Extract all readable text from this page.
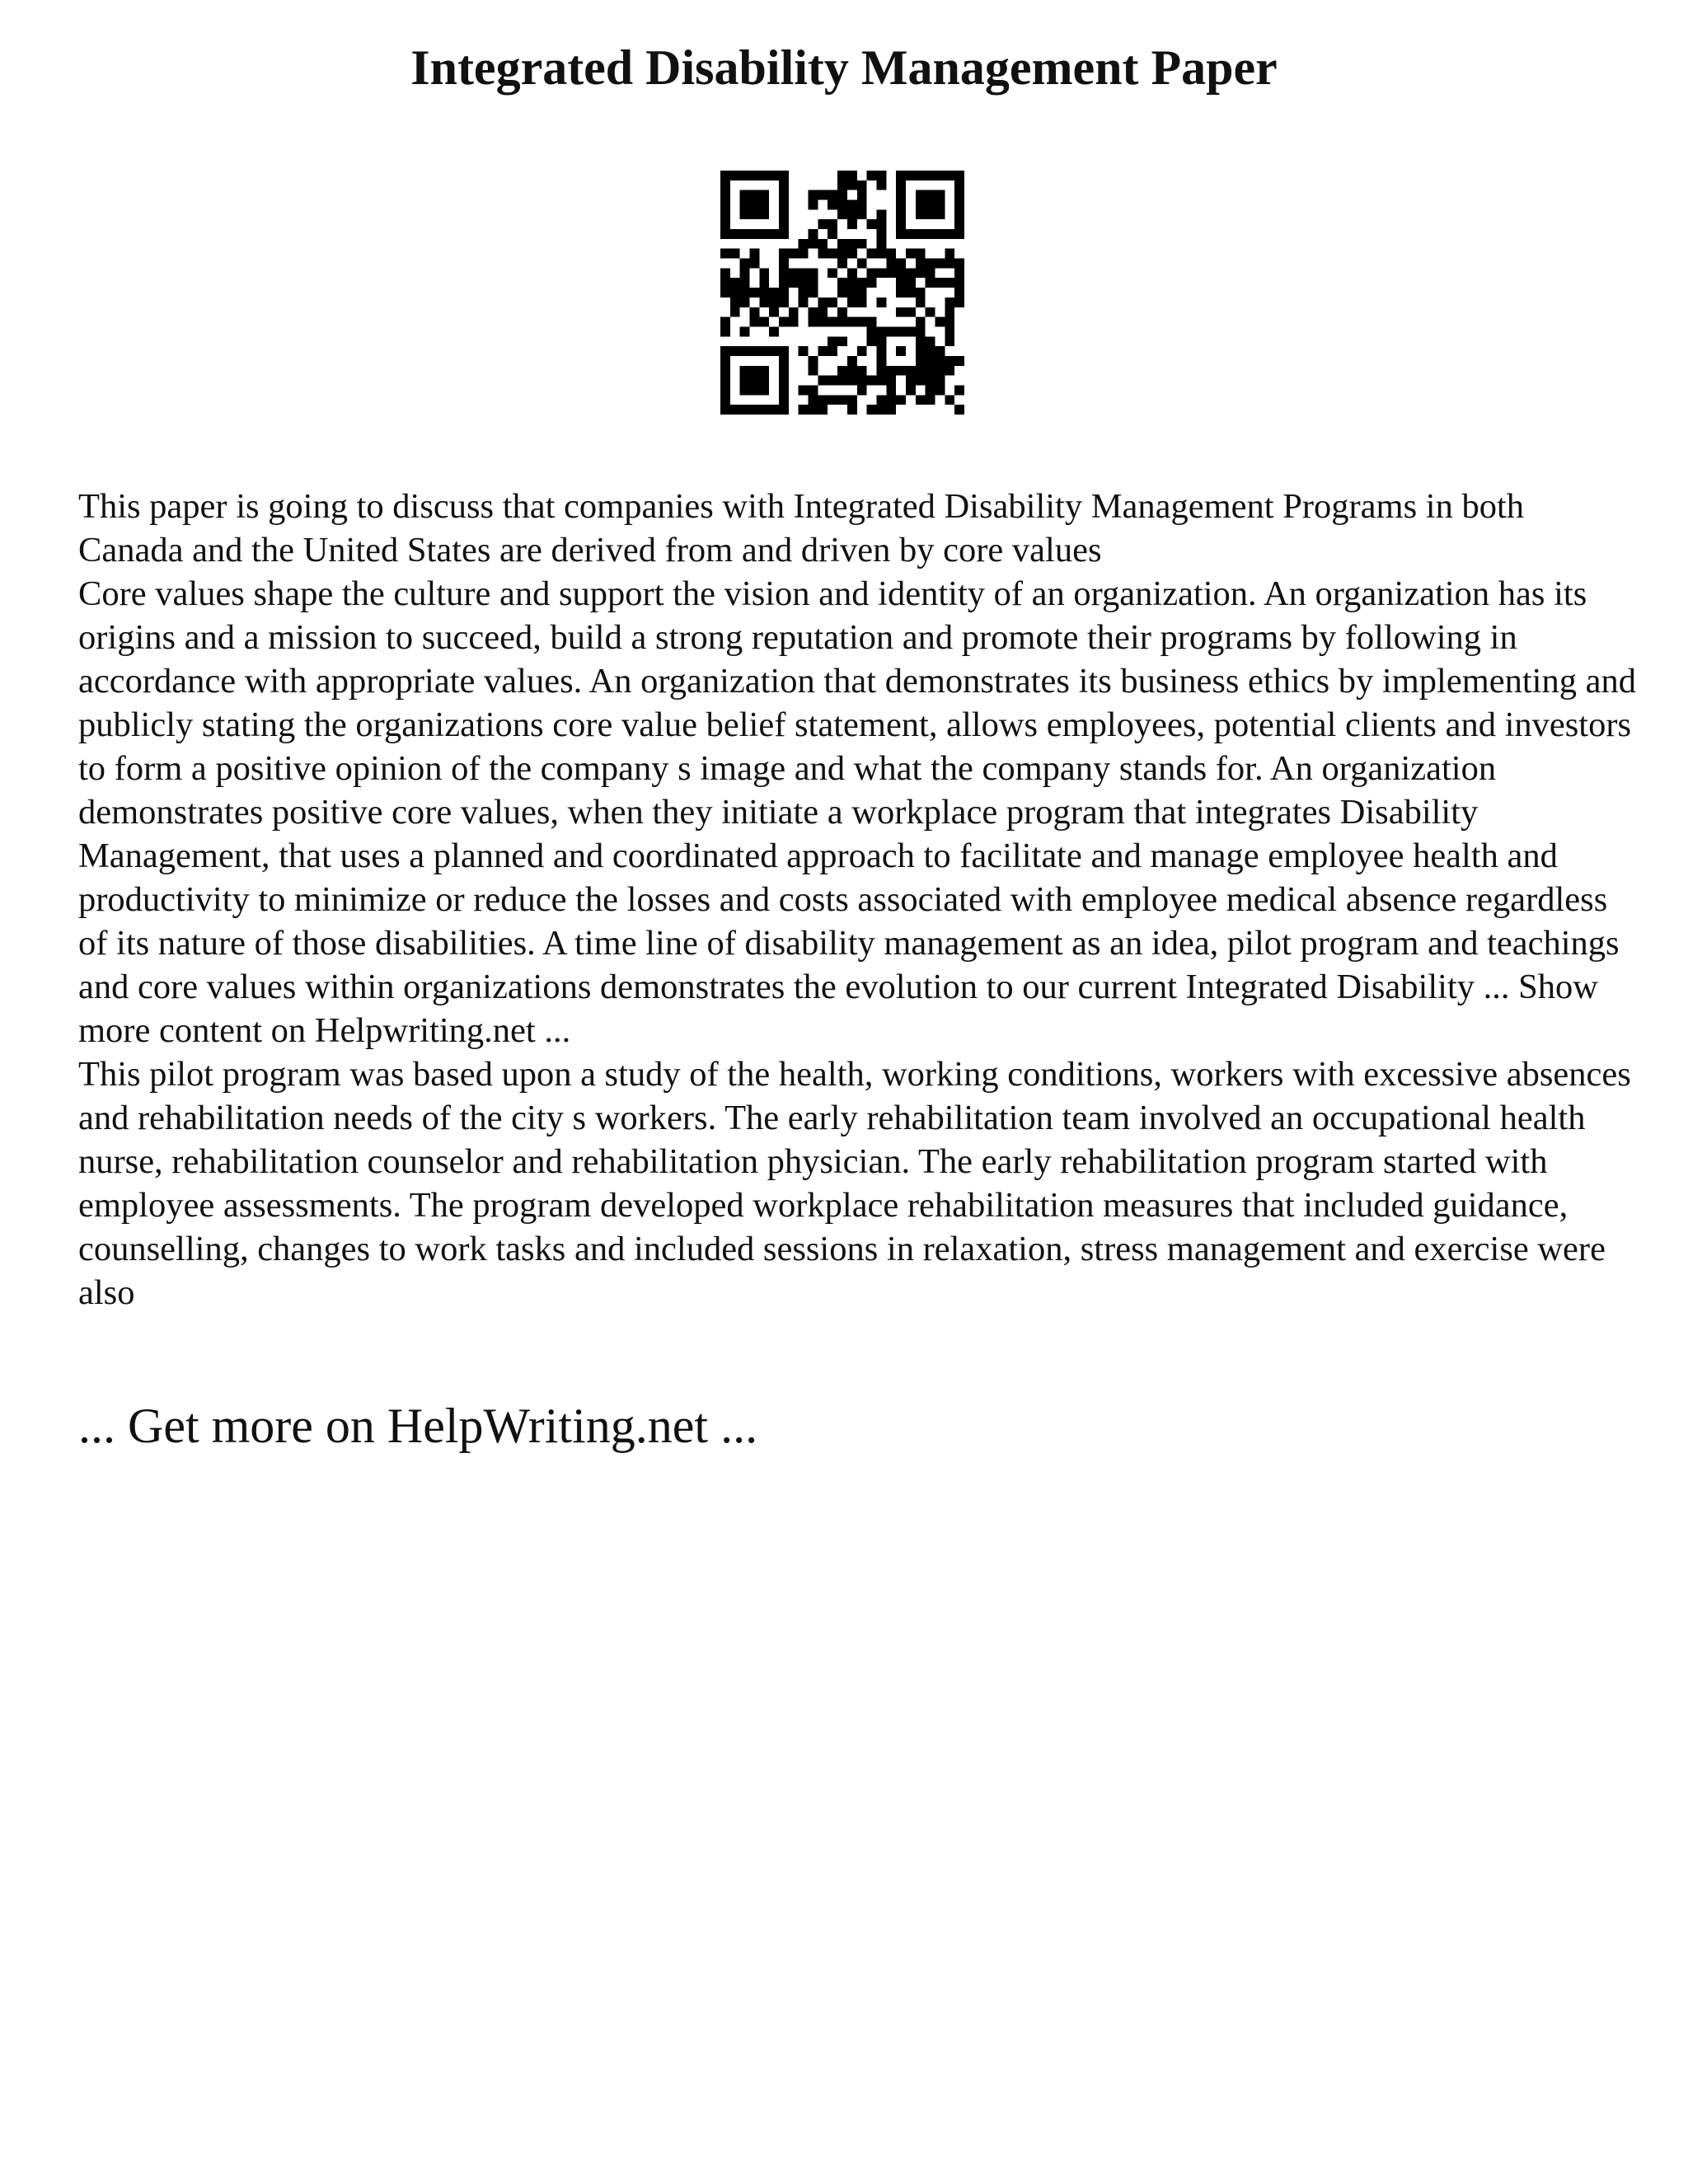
Integrated Disability Management Paper

This paper is going to discuss that companies with Integrated Disability Management Programs in both Canada and the United States are derived from and driven by core values

Core values shape the culture and support the vision and identity of an organization. An organization has its origins and a mission to succeed, build a strong reputation and promote their programs by following in accordance with appropriate values. An organization that demonstrates its business ethics by implementing and publicly stating the organizations core value belief statement, allows employees, potential clients and investors to form a positive opinion of the company s image and what the company stands for. An organization demonstrates positive core values, when they initiate a workplace program that integrates Disability Management, that uses a planned and coordinated approach to facilitate and manage employee health and productivity to minimize or reduce the losses and costs associated with employee medical absence regardless of its nature of those disabilities. A time line of disability management as an idea, pilot program and teachings and core values within organizations demonstrates the evolution to our current Integrated Disability ... Show more content on Helpwriting.net ...

This pilot program was based upon a study of the health, working conditions, workers with excessive absences and rehabilitation needs of the city s workers. The early rehabilitation team involved an occupational health nurse, rehabilitation counselor and rehabilitation physician. The early rehabilitation program started with employee assessments. The program developed workplace rehabilitation measures that included guidance, counselling, changes to work tasks and included sessions in relaxation, stress management and exercise were also

... Get more on HelpWriting.net ...
